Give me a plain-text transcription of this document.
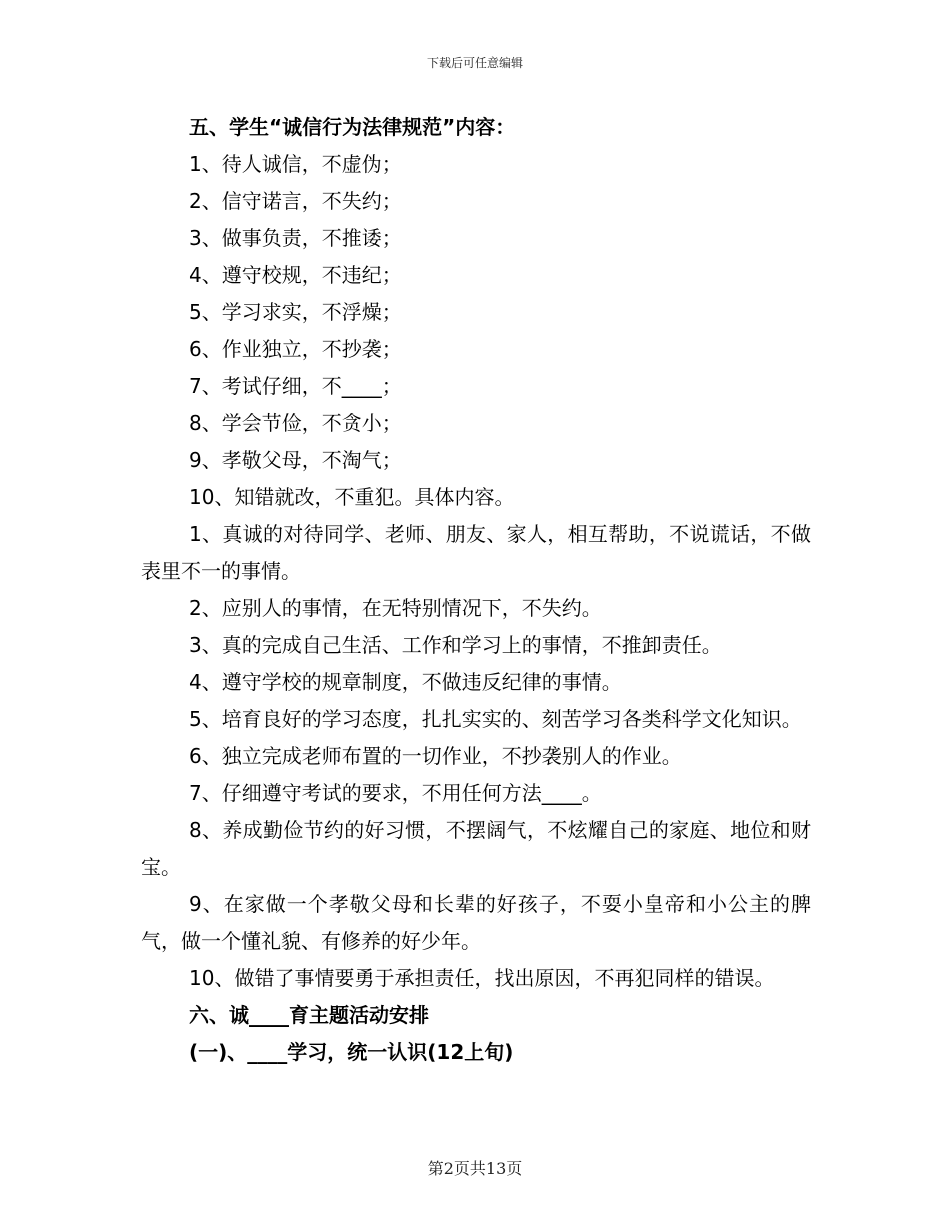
下载后可任意编辑

五、学生“诚信行为法律规范”内容：

1、待人诚信，不虚伪；

2、信守诺言，不失约；

3、做事负责，不推诿；

4、遵守校规，不违纪；

5、学习求实，不浮燥；

6、作业独立，不抄袭；

7、考试仔细，不____；

8、学会节俭，不贪小；

9、孝敬父母，不淘气；

10、知错就改，不重犯。具体内容。

1、真诚的对待同学、老师、朋友、家人，相互帮助，不说谎话，不做表里不一的事情。

2、应别人的事情，在无特别情况下，不失约。

3、真的完成自己生活、工作和学习上的事情，不推卸责任。

4、遵守学校的规章制度，不做违反纪律的事情。

5、培育良好的学习态度，扎扎实实的、刻苦学习各类科学文化知识。

6、独立完成老师布置的一切作业，不抄袭别人的作业。

7、仔细遵守考试的要求，不用任何方法____。

8、养成勤俭节约的好习惯，不摆阔气，不炫耀自己的家庭、地位和财宝。

9、在家做一个孝敬父母和长辈的好孩子，不耍小皇帝和小公主的脾气，做一个懂礼貌、有修养的好少年。

10、做错了事情要勇于承担责任，找出原因，不再犯同样的错误。

六、诚____育主题活动安排

(一)、____学习，统一认识(12上旬)

第2页共13页
